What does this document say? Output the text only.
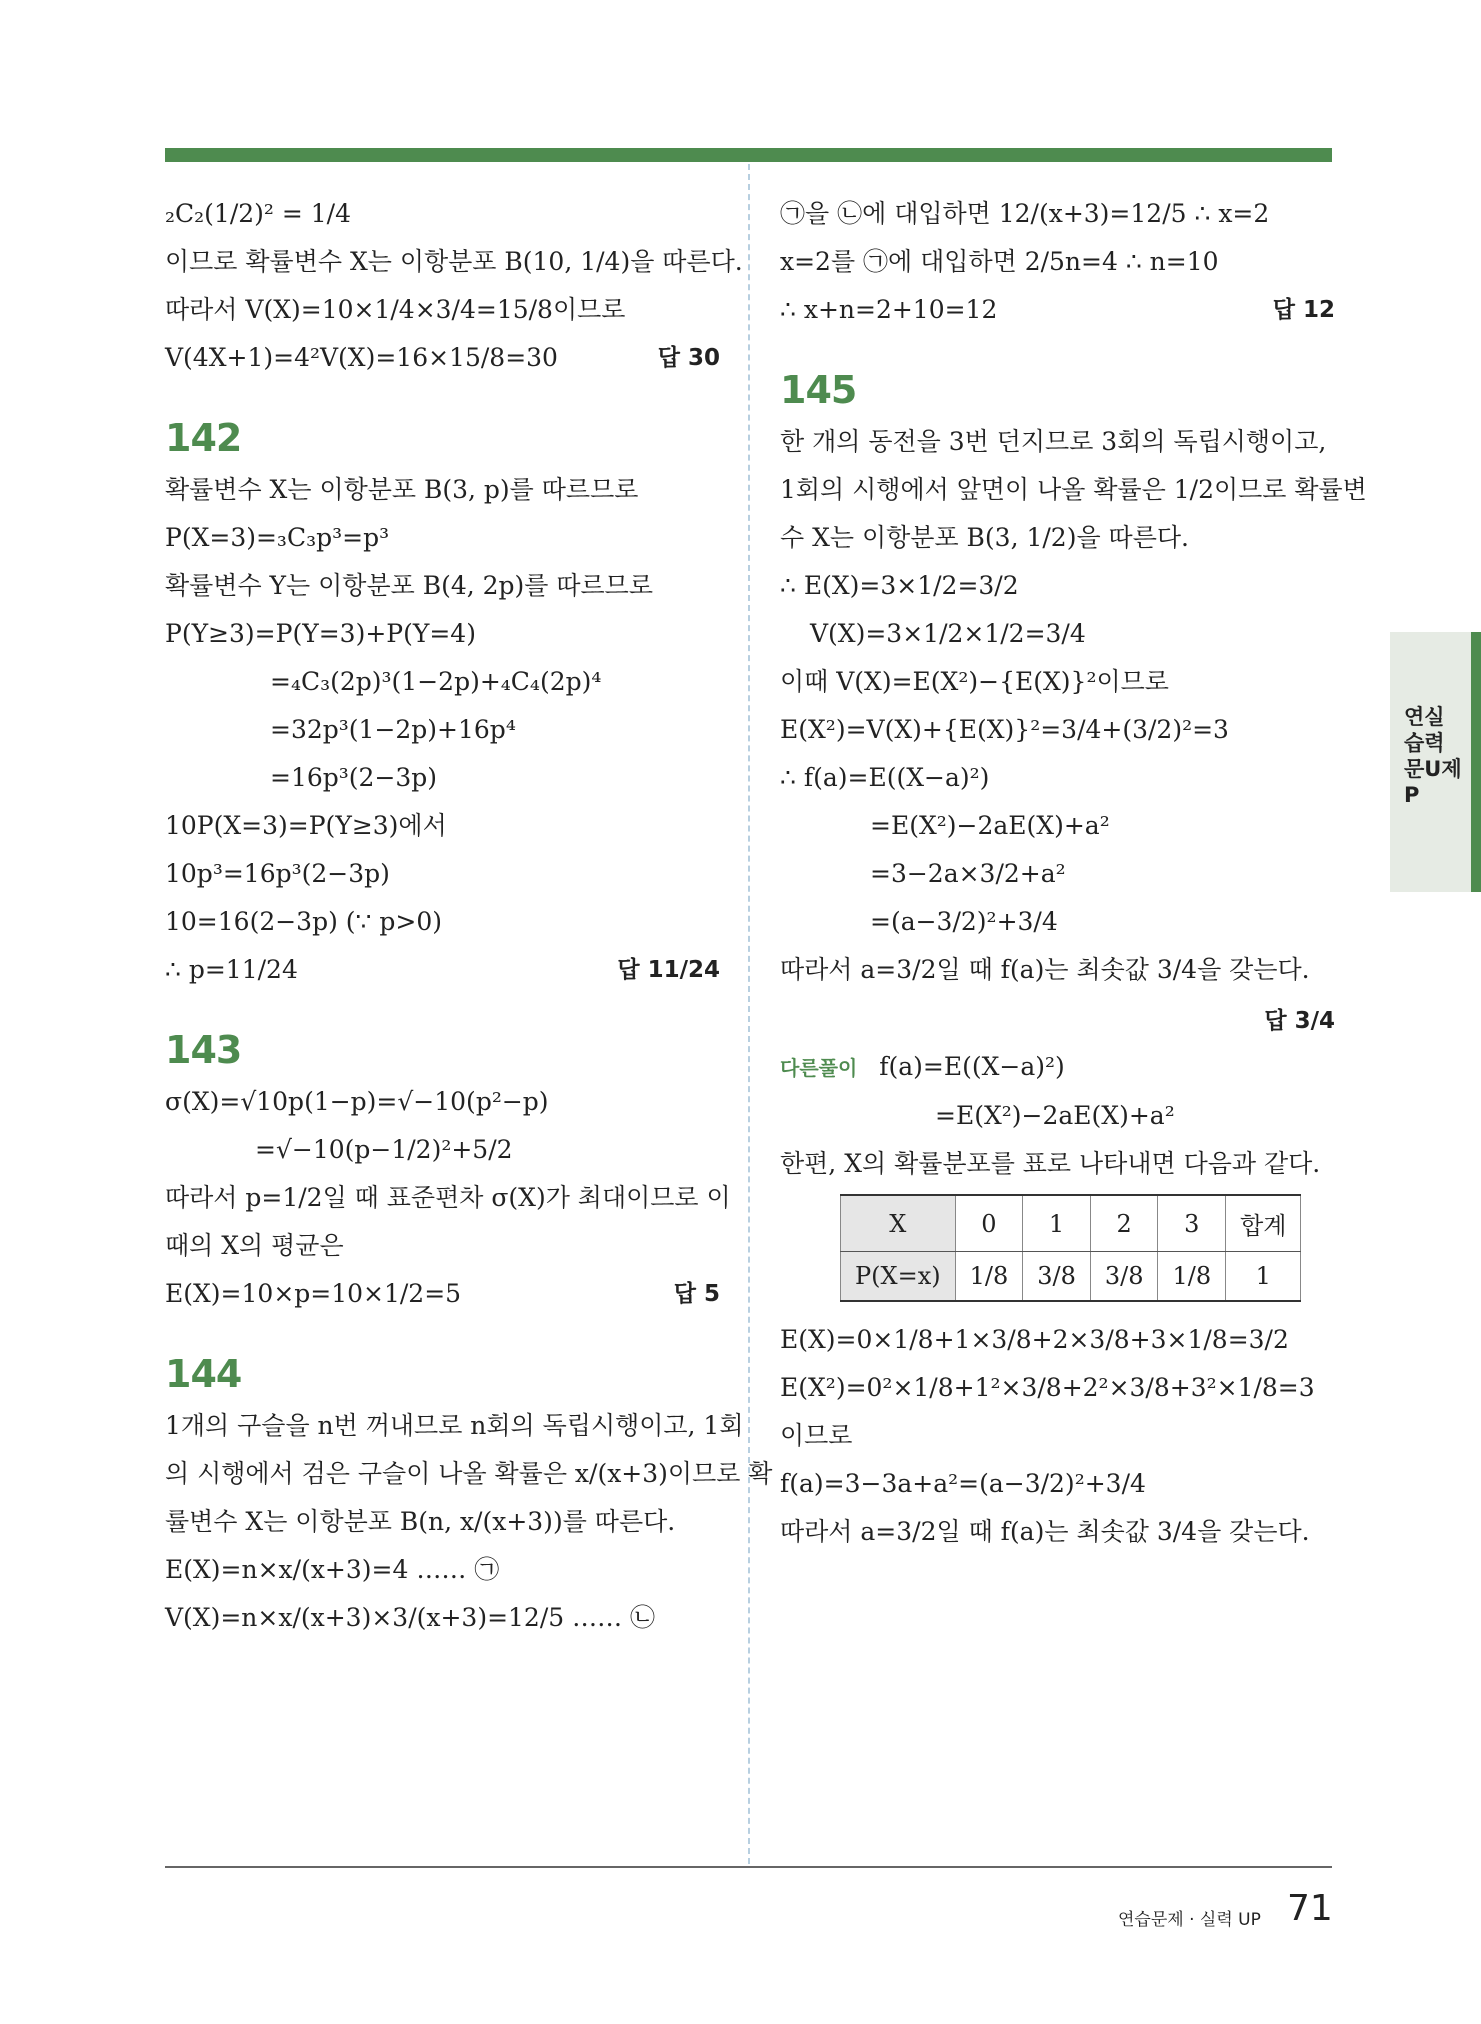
₂C₂(1/2)² = 1/4

이므로 확률변수 X는 이항분포 B(10, 1/4)을 따른다.

따라서 V(X)=10×1/4×3/4=15/8이므로

V(4X+1)=4²V(X)=16×15/8=30	답 30

142

확률변수 X는 이항분포 B(3, p)를 따르므로

P(X=3)=₃C₃p³=p³

확률변수 Y는 이항분포 B(4, 2p)를 따르므로

P(Y≥3)=P(Y=3)+P(Y=4)

=₄C₃(2p)³(1−2p)+₄C₄(2p)⁴

=32p³(1−2p)+16p⁴

=16p³(2−3p)

10P(X=3)=P(Y≥3)에서

10p³=16p³(2−3p)

10=16(2−3p) (∵ p>0)

∴ p=11/24	답 11/24

143

σ(X)=√10p(1−p)=√−10(p²−p)

=√−10(p−1/2)²+5/2

따라서 p=1/2일 때 표준편차 σ(X)가 최대이므로 이

때의 X의 평균은

E(X)=10×p=10×1/2=5	답 5

144

1개의 구슬을 n번 꺼내므로 n회의 독립시행이고, 1회

의 시행에서 검은 구슬이 나올 확률은 x/(x+3)이므로 확

률변수 X는 이항분포 B(n, x/(x+3))를 따른다.

E(X)=n×x/(x+3)=4 …… ㉠

V(X)=n×x/(x+3)×3/(x+3)=12/5 …… ㉡

㉠을 ㉡에 대입하면 12/(x+3)=12/5 ∴ x=2

x=2를 ㉠에 대입하면 2/5n=4 ∴ n=10

∴ x+n=2+10=12	답 12

145

한 개의 동전을 3번 던지므로 3회의 독립시행이고,

1회의 시행에서 앞면이 나올 확률은 1/2이므로 확률변

수 X는 이항분포 B(3, 1/2)을 따른다.

∴ E(X)=3×1/2=3/2

V(X)=3×1/2×1/2=3/4

이때 V(X)=E(X²)−{E(X)}²이므로

E(X²)=V(X)+{E(X)}²=3/4+(3/2)²=3

∴ f(a)=E((X−a)²)

=E(X²)−2aE(X)+a²

=3−2a×3/2+a²

=(a−3/2)²+3/4

따라서 a=3/2일 때 f(a)는 최솟값 3/4을 갖는다.

답 3/4

다른풀이 f(a)=E((X−a)²)

=E(X²)−2aE(X)+a²

한편, X의 확률분포를 표로 나타내면 다음과 같다.

X	0	1	2	3	합계
P(X=x)	1/8	3/8	3/8	1/8	1

E(X)=0×1/8+1×3/8+2×3/8+3×1/8=3/2

E(X²)=0²×1/8+1²×3/8+2²×3/8+3²×1/8=3

이므로

f(a)=3−3a+a²=(a−3/2)²+3/4

따라서 a=3/2일 때 f(a)는 최솟값 3/4을 갖는다.

연실습력문U제P
연습문제 · 실력 UP 71
